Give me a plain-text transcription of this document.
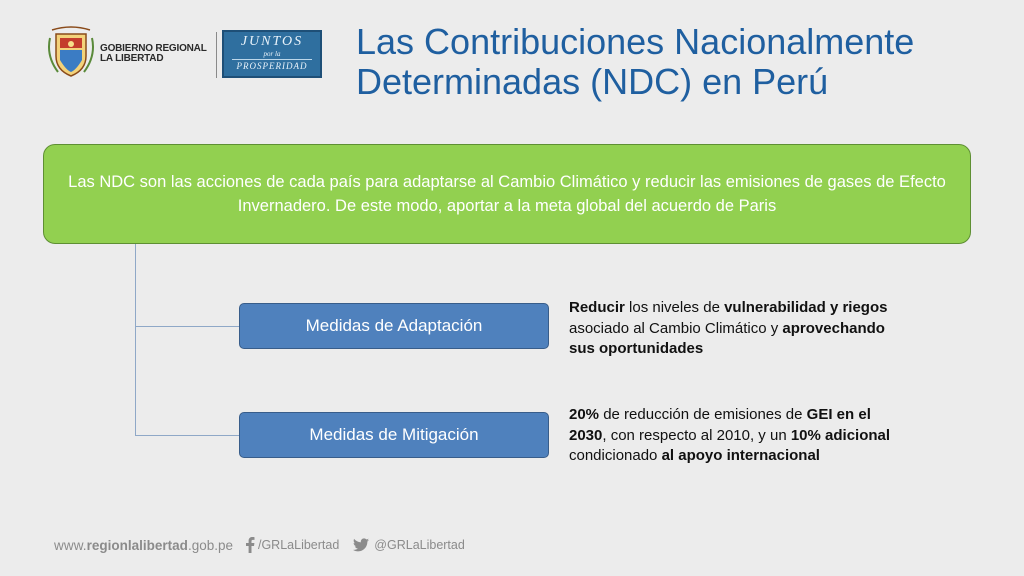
GOBIERNO REGIONAL
LA LIBERTAD
JUNTOS
por la
PROSPERIDAD
Las Contribuciones Nacionalmente
Determinadas (NDC) en Perú
Las NDC son las acciones de cada país para adaptarse al Cambio Climático y reducir las emisiones de gases de Efecto Invernadero. De este modo, aportar a la meta global del acuerdo de Paris
Medidas de Adaptación
Medidas de Mitigación
Reducir los niveles de vulnerabilidad y riegos asociado al Cambio Climático y aprovechando sus oportunidades
20% de reducción de emisiones de GEI en el 2030, con respecto al 2010, y un 10% adicional condicionado al apoyo internacional
www. regionlalibertad .gob.pe /GRLaLibertad	@GRLaLibertad
